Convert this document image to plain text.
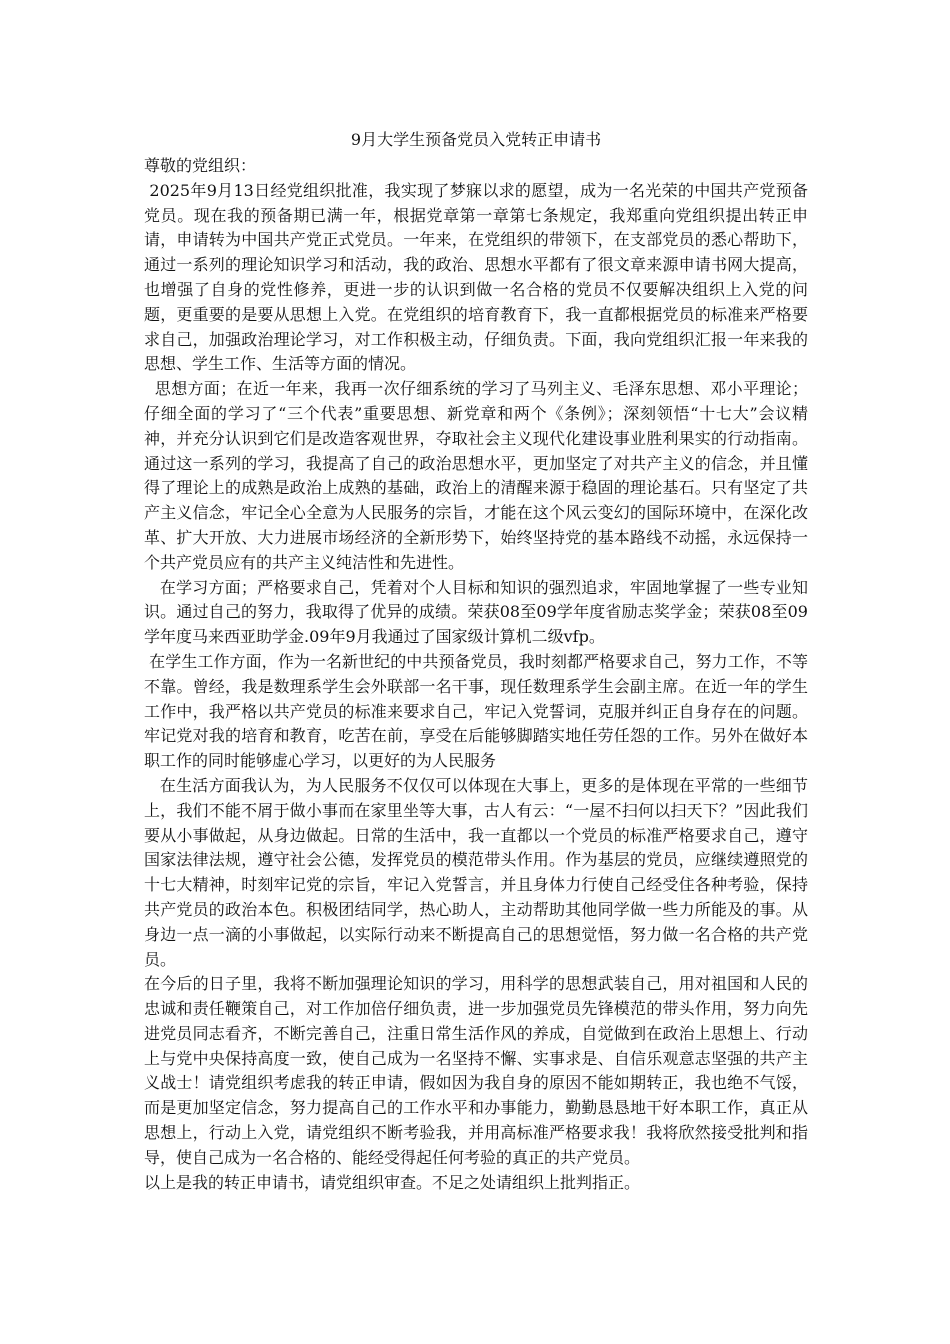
9月大学生预备党员入党转正申请书

尊敬的党组织：

2025年9月13日经党组织批准，我实现了梦寐以求的愿望，成为一名光荣的中国共产党预备党员。现在我的预备期已满一年，根据党章第一章第七条规定，我郑重向党组织提出转正申请，申请转为中国共产党正式党员。一年来，在党组织的带领下，在支部党员的悉心帮助下，通过一系列的理论知识学习和活动，我的政治、思想水平都有了很文章来源申请书网大提高，也增强了自身的党性修养，更进一步的认识到做一名合格的党员不仅要解决组织上入党的问题，更重要的是要从思想上入党。在党组织的培育教育下，我一直都根据党员的标准来严格要求自己，加强政治理论学习，对工作积极主动，仔细负责。下面，我向党组织汇报一年来我的思想、学生工作、生活等方面的情况。

思想方面；在近一年来，我再一次仔细系统的学习了马列主义、毛泽东思想、邓小平理论；仔细全面的学习了“三个代表”重要思想、新党章和两个《条例》；深刻领悟“十七大”会议精神，并充分认识到它们是改造客观世界，夺取社会主义现代化建设事业胜利果实的行动指南。通过这一系列的学习，我提高了自己的政治思想水平，更加坚定了对共产主义的信念，并且懂得了理论上的成熟是政治上成熟的基础，政治上的清醒来源于稳固的理论基石。只有坚定了共产主义信念，牢记全心全意为人民服务的宗旨，才能在这个风云变幻的国际环境中，在深化改革、扩大开放、大力进展市场经济的全新形势下，始终坚持党的基本路线不动摇，永远保持一个共产党员应有的共产主义纯洁性和先进性。

在学习方面；严格要求自己，凭着对个人目标和知识的强烈追求，牢固地掌握了一些专业知识。通过自己的努力，我取得了优异的成绩。荣获08至09学年度省励志奖学金；荣获08至09学年度马来西亚助学金.09年9月我通过了国家级计算机二级vfp。

在学生工作方面，作为一名新世纪的中共预备党员，我时刻都严格要求自己，努力工作，不等不靠。曾经，我是数理系学生会外联部一名干事，现任数理系学生会副主席。在近一年的学生工作中，我严格以共产党员的标准来要求自己，牢记入党誓词，克服并纠正自身存在的问题。牢记党对我的培育和教育，吃苦在前，享受在后能够脚踏实地任劳任怨的工作。另外在做好本职工作的同时能够虚心学习，以更好的为人民服务

在生活方面我认为，为人民服务不仅仅可以体现在大事上，更多的是体现在平常的一些细节上，我们不能不屑于做小事而在家里坐等大事，古人有云：“一屋不扫何以扫天下？”因此我们要从小事做起，从身边做起。日常的生活中，我一直都以一个党员的标准严格要求自己，遵守国家法律法规，遵守社会公德，发挥党员的模范带头作用。作为基层的党员，应继续遵照党的十七大精神，时刻牢记党的宗旨，牢记入党誓言，并且身体力行使自己经受住各种考验，保持共产党员的政治本色。积极团结同学，热心助人，主动帮助其他同学做一些力所能及的事。从身边一点一滴的小事做起，以实际行动来不断提高自己的思想觉悟，努力做一名合格的共产党员。

在今后的日子里，我将不断加强理论知识的学习，用科学的思想武装自己，用对祖国和人民的忠诚和责任鞭策自己，对工作加倍仔细负责，进一步加强党员先锋模范的带头作用，努力向先进党员同志看齐，不断完善自己，注重日常生活作风的养成，自觉做到在政治上思想上、行动上与党中央保持高度一致，使自己成为一名坚持不懈、实事求是、自信乐观意志坚强的共产主义战士！请党组织考虑我的转正申请，假如因为我自身的原因不能如期转正，我也绝不气馁，而是更加坚定信念，努力提高自己的工作水平和办事能力，勤勤恳恳地干好本职工作，真正从思想上，行动上入党，请党组织不断考验我，并用高标准严格要求我！我将欣然接受批判和指导，使自己成为一名合格的、能经受得起任何考验的真正的共产党员。

以上是我的转正申请书，请党组织审查。不足之处请组织上批判指正。
